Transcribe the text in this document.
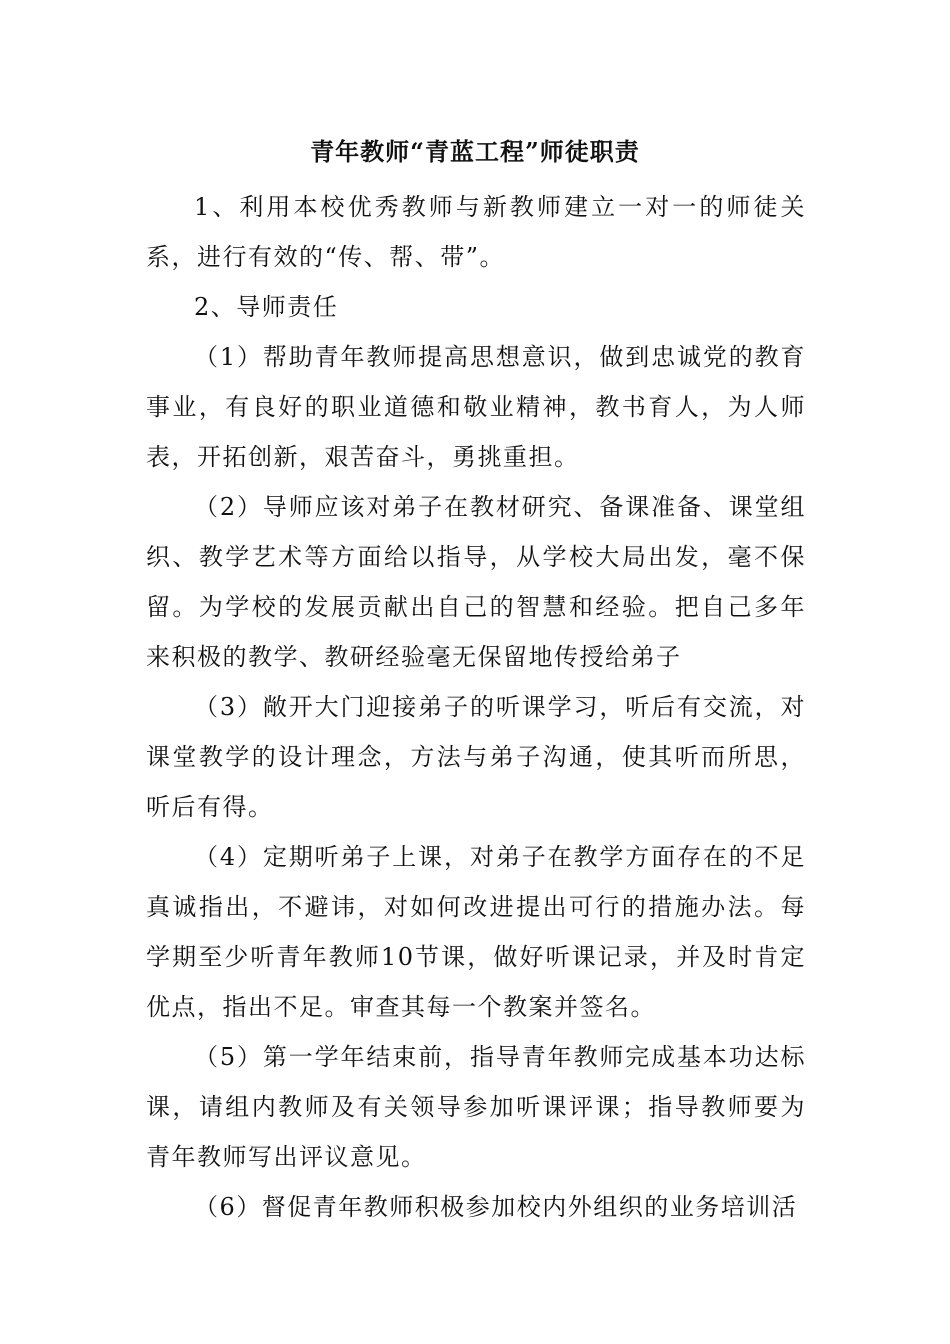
青年教师“青蓝工程”师徒职责

1、利用本校优秀教师与新教师建立一对一的师徒关系，进行有效的“传、帮、带”。

2、导师责任

（1）帮助青年教师提高思想意识，做到忠诚党的教育事业，有良好的职业道德和敬业精神，教书育人，为人师表，开拓创新，艰苦奋斗，勇挑重担。

（2）导师应该对弟子在教材研究、备课准备、课堂组织、教学艺术等方面给以指导，从学校大局出发，毫不保留。为学校的发展贡献出自己的智慧和经验。把自己多年来积极的教学、教研经验毫无保留地传授给弟子

（3）敞开大门迎接弟子的听课学习，听后有交流，对课堂教学的设计理念，方法与弟子沟通，使其听而所思，听后有得。

（4）定期听弟子上课，对弟子在教学方面存在的不足真诚指出，不避讳，对如何改进提出可行的措施办法。每学期至少听青年教师10节课，做好听课记录，并及时肯定优点，指出不足。审查其每一个教案并签名。

（5）第一学年结束前，指导青年教师完成基本功达标课，请组内教师及有关领导参加听课评课；指导教师要为青年教师写出评议意见。

（6）督促青年教师积极参加校内外组织的业务培训活
